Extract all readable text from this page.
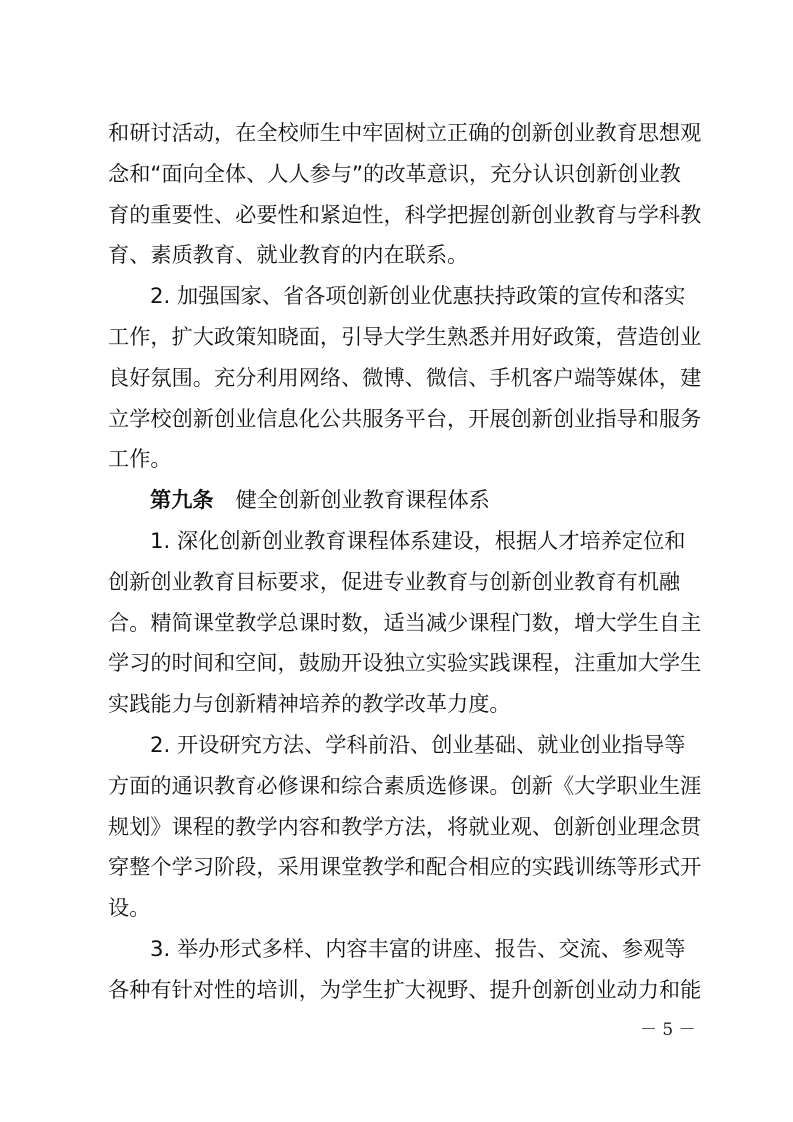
和研讨活动，在全校师生中牢固树立正确的创新创业教育思想观
念和“面向全体、人人参与”的改革意识，充分认识创新创业教
育的重要性、必要性和紧迫性，科学把握创新创业教育与学科教
育、素质教育、就业教育的内在联系。
2. 加强国家、省各项创新创业优惠扶持政策的宣传和落实
工作，扩大政策知晓面，引导大学生熟悉并用好政策，营造创业
良好氛围。充分利用网络、微博、微信、手机客户端等媒体，建
立学校创新创业信息化公共服务平台，开展创新创业指导和服务
工作。
第九条 健全创新创业教育课程体系
1. 深化创新创业教育课程体系建设，根据人才培养定位和
创新创业教育目标要求，促进专业教育与创新创业教育有机融
合。精简课堂教学总课时数，适当减少课程门数，增大学生自主
学习的时间和空间，鼓励开设独立实验实践课程，注重加大学生
实践能力与创新精神培养的教学改革力度。
2. 开设研究方法、学科前沿、创业基础、就业创业指导等
方面的通识教育必修课和综合素质选修课。创新《大学职业生涯
规划》课程的教学内容和教学方法，将就业观、创新创业理念贯
穿整个学习阶段，采用课堂教学和配合相应的实践训练等形式开
设。
3. 举办形式多样、内容丰富的讲座、报告、交流、参观等
各种有针对性的培训，为学生扩大视野、提升创新创业动力和能
－ 5 －
